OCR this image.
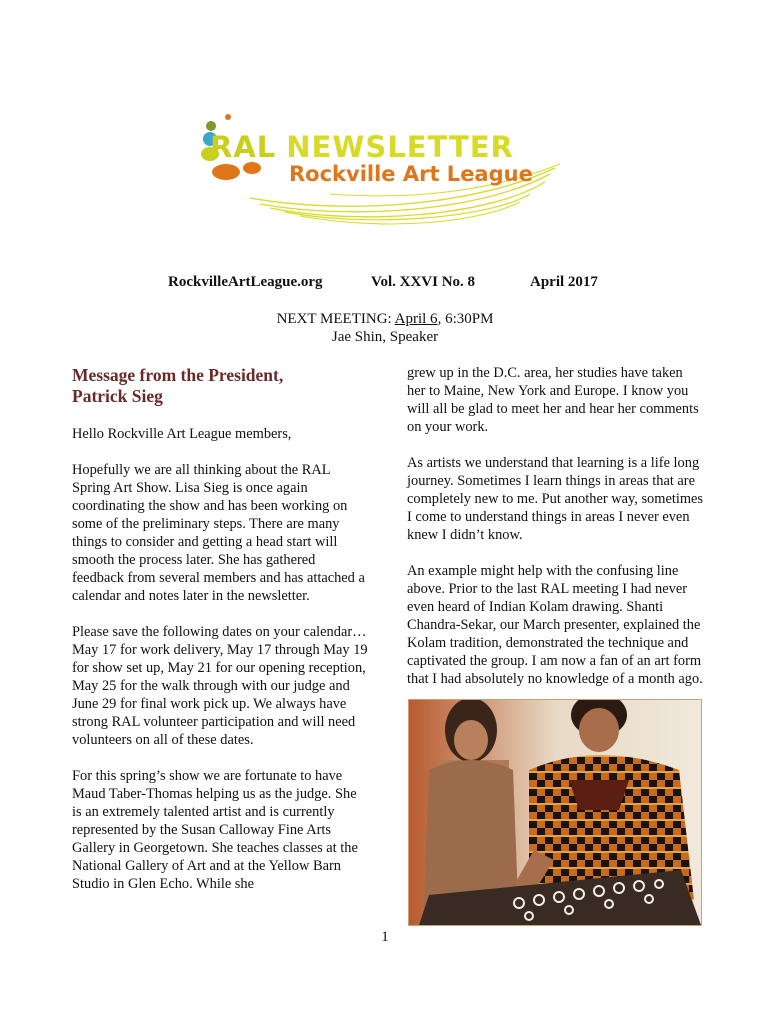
RAL NEWSLETTER
Rockville Art League
RockvilleArtLeague.org	Vol. XXVI No. 8	April 2017
NEXT MEETING: April 6, 6:30PM
Jae Shin, Speaker
Message from the President,
Patrick Sieg

Hello Rockville Art League members,

Hopefully we are all thinking about the RAL Spring Art Show. Lisa Sieg is once again coordinating the show and has been working on some of the preliminary steps. There are many things to consider and getting a head start will smooth the process later. She has gathered feedback from several members and has attached a calendar and notes later in the newsletter.

Please save the following dates on your calendar…May 17 for work delivery, May 17 through May 19 for show set up, May 21 for our opening reception, May 25 for the walk through with our judge and June 29 for final work pick up. We always have strong RAL volunteer participation and will need volunteers on all of these dates.

For this spring’s show we are fortunate to have Maud Taber-Thomas helping us as the judge. She is an extremely talented artist and is currently represented by the Susan Calloway Fine Arts Gallery in Georgetown. She teaches classes at the National Gallery of Art and at the Yellow Barn Studio in Glen Echo. While she

grew up in the D.C. area, her studies have taken her to Maine, New York and Europe. I know you will all be glad to meet her and hear her comments on your work.

As artists we understand that learning is a life long journey. Sometimes I learn things in areas that are completely new to me. Put another way, sometimes I come to understand things in areas I never even knew I didn’t know.

An example might help with the confusing line above. Prior to the last RAL meeting I had never even heard of Indian Kolam drawing. Shanti Chandra-Sekar, our March presenter, explained the Kolam tradition, demonstrated the technique and captivated the group. I am now a fan of an art form that I had absolutely no knowledge of a month ago.

1
